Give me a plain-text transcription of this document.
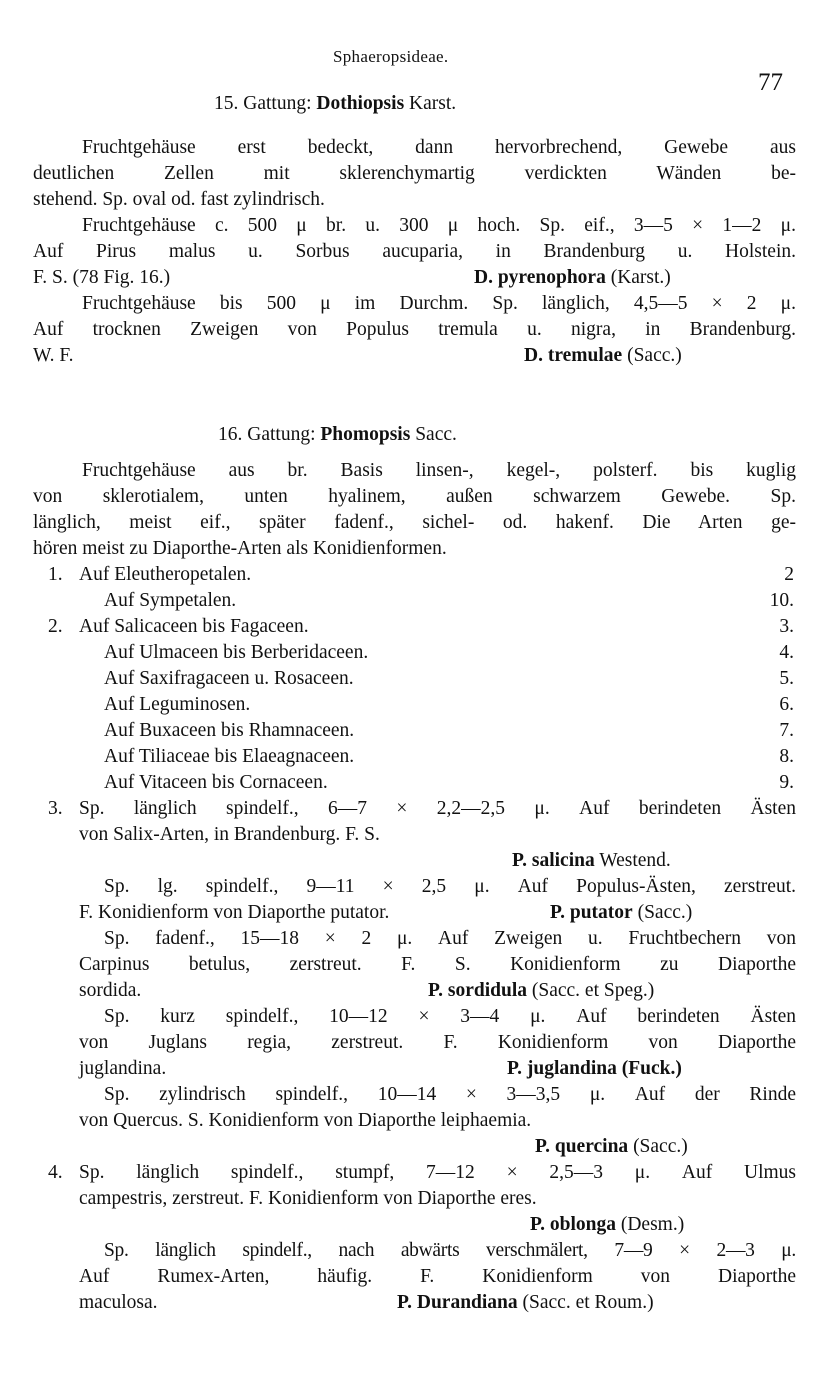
Sphaeropsideae.
77
15. Gattung: Dothiopsis Karst.
Fruchtgehäuse erst bedeckt, dann hervorbrechend, Gewebe aus
deutlichen Zellen mit sklerenchymartig verdickten Wänden be-
stehend. Sp. oval od. fast zylindrisch.
Fruchtgehäuse c. 500 μ br. u. 300 μ hoch. Sp. eif., 3—5 × 1—2 μ.
Auf Pirus malus u. Sorbus aucuparia, in Brandenburg u. Holstein.
F. S. (78 Fig. 16.)	D. pyrenophora (Karst.)
Fruchtgehäuse bis 500 μ im Durchm. Sp. länglich, 4,5—5 × 2 μ.
Auf trocknen Zweigen von Populus tremula u. nigra, in Brandenburg.
W. F.	D. tremulae (Sacc.)
16. Gattung: Phomopsis Sacc.
Fruchtgehäuse aus br. Basis linsen-, kegel-, polsterf. bis kuglig
von sklerotialem, unten hyalinem, außen schwarzem Gewebe. Sp.
länglich, meist eif., später fadenf., sichel- od. hakenf. Die Arten ge-
hören meist zu Diaporthe-Arten als Konidienformen.
1. Auf Eleutheropetalen.	2
Auf Sympetalen.	10.
2. Auf Salicaceen bis Fagaceen.	3.
Auf Ulmaceen bis Berberidaceen.	4.
Auf Saxifragaceen u. Rosaceen.	5.
Auf Leguminosen.	6.
Auf Buxaceen bis Rhamnaceen.	7.
Auf Tiliaceae bis Elaeagnaceen.	8.
Auf Vitaceen bis Cornaceen.	9.
3. Sp. länglich spindelf., 6—7 × 2,2—2,5 μ. Auf berindeten Ästen
von Salix-Arten, in Brandenburg. F. S.
P. salicina Westend.
Sp. lg. spindelf., 9—11 × 2,5 μ. Auf Populus-Ästen, zerstreut.
F. Konidienform von Diaporthe putator.	P. putator (Sacc.)
Sp. fadenf., 15—18 × 2 μ. Auf Zweigen u. Fruchtbechern von
Carpinus betulus, zerstreut. F. S. Konidienform zu Diaporthe
sordida.	P. sordidula (Sacc. et Speg.)
Sp. kurz spindelf., 10—12 × 3—4 μ. Auf berindeten Ästen
von Juglans regia, zerstreut. F. Konidienform von Diaporthe
juglandina.	P. juglandina (Fuck.)
Sp. zylindrisch spindelf., 10—14 × 3—3,5 μ. Auf der Rinde
von Quercus. S. Konidienform von Diaporthe leiphaemia.
P. quercina (Sacc.)
4. Sp. länglich spindelf., stumpf, 7—12 × 2,5—3 μ. Auf Ulmus
campestris, zerstreut. F. Konidienform von Diaporthe eres.
P. oblonga (Desm.)
Sp. länglich spindelf., nach abwärts verschmälert, 7—9 × 2—3 μ.
Auf Rumex-Arten, häufig. F. Konidienform von Diaporthe
maculosa.	P. Durandiana (Sacc. et Roum.)
